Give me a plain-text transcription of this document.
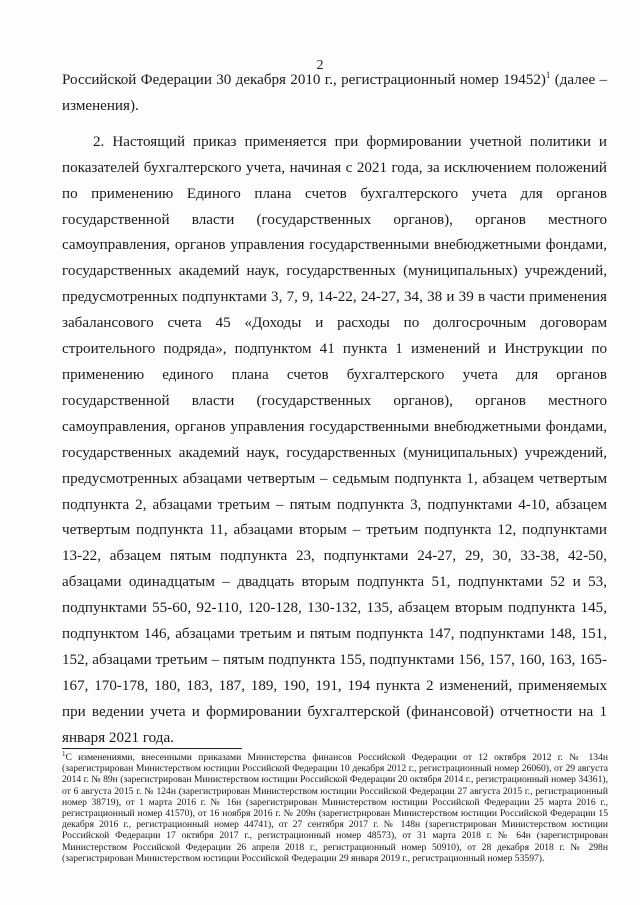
2

Российской Федерации 30 декабря 2010 г., регистрационный номер 19452)$^1$ (далее – изменения).

2. Настоящий приказ применяется при формировании учетной политики и показателей бухгалтерского учета, начиная с 2021 года, за исключением положений по применению Единого плана счетов бухгалтерского учета для органов государственной власти (государственных органов), органов местного самоуправления, органов управления государственными внебюджетными фондами, государственных академий наук, государственных (муниципальных) учреждений, предусмотренных подпунктами 3, 7, 9, 14-22, 24-27, 34, 38 и 39 в части применения забалансового счета 45 «Доходы и расходы по долгосрочным договорам строительного подряда», подпунктом 41 пункта 1 изменений и Инструкции по применению единого плана счетов бухгалтерского учета для органов государственной власти (государственных органов), органов местного самоуправления, органов управления государственными внебюджетными фондами, государственных академий наук, государственных (муниципальных) учреждений, предусмотренных абзацами четвертым – седьмым подпункта 1, абзацем четвертым подпункта 2, абзацами третьим – пятым подпункта 3, подпунктами 4-10, абзацем четвертым подпункта 11, абзацами вторым – третьим подпункта 12, подпунктами 13-22, абзацем пятым подпункта 23, подпунктами 24-27, 29, 30, 33-38, 42-50, абзацами одинадцатым – двадцать вторым подпункта 51, подпунктами 52 и 53, подпунктами 55-60, 92-110, 120-128, 130-132, 135, абзацем вторым подпункта 145, подпунктом 146, абзацами третьим и пятым подпункта 147, подпунктами 148, 151, 152, абзацами третьим – пятым подпункта 155, подпунктами 156, 157, 160, 163, 165-167, 170-178, 180, 183, 187, 189, 190, 191, 194 пункта 2 изменений, применяемых при ведении учета и формировании бухгалтерской (финансовой) отчетности на 1 января 2021 года.

$^1$С изменениями, внесенными приказами Министерства финансов Российской Федерации от 12 октября 2012 г. № 134н (зарегистрирован Министерством юстиции Российской Федерации 10 декабря 2012 г., регистрационный номер 26060), от 29 августа 2014 г. № 89н (зарегистрирован Министерством юстиции Российской Федерации 20 октября 2014 г., регистрационный номер 34361), от 6 августа 2015 г. № 124н (зарегистрирован Министерством юстиции Российской Федерации 27 августа 2015 г., регистрационный номер 38719), от 1 марта 2016 г. № 16н (зарегистрирован Министерством юстиции Российской Федерации 25 марта 2016 г., регистрационный номер 41570), от 16 ноября 2016 г. № 209н (зарегистрирован Министерством юстиции Российской Федерации 15 декабря 2016 г., регистрационный номер 44741), от 27 сентября 2017 г. № 148н (зарегистрирован Министерством юстиции Российской Федерации 17 октября 2017 г., регистрационный номер 48573), от 31 марта 2018 г. № 64н (зарегистрирован Министерством Российской Федерации 26 апреля 2018 г., регистрационный номер 50910), от 28 декабря 2018 г. № 298н (зарегистрирован Министерством юстиции Российской Федерации 29 января 2019 г., регистрационный номер 53597).
